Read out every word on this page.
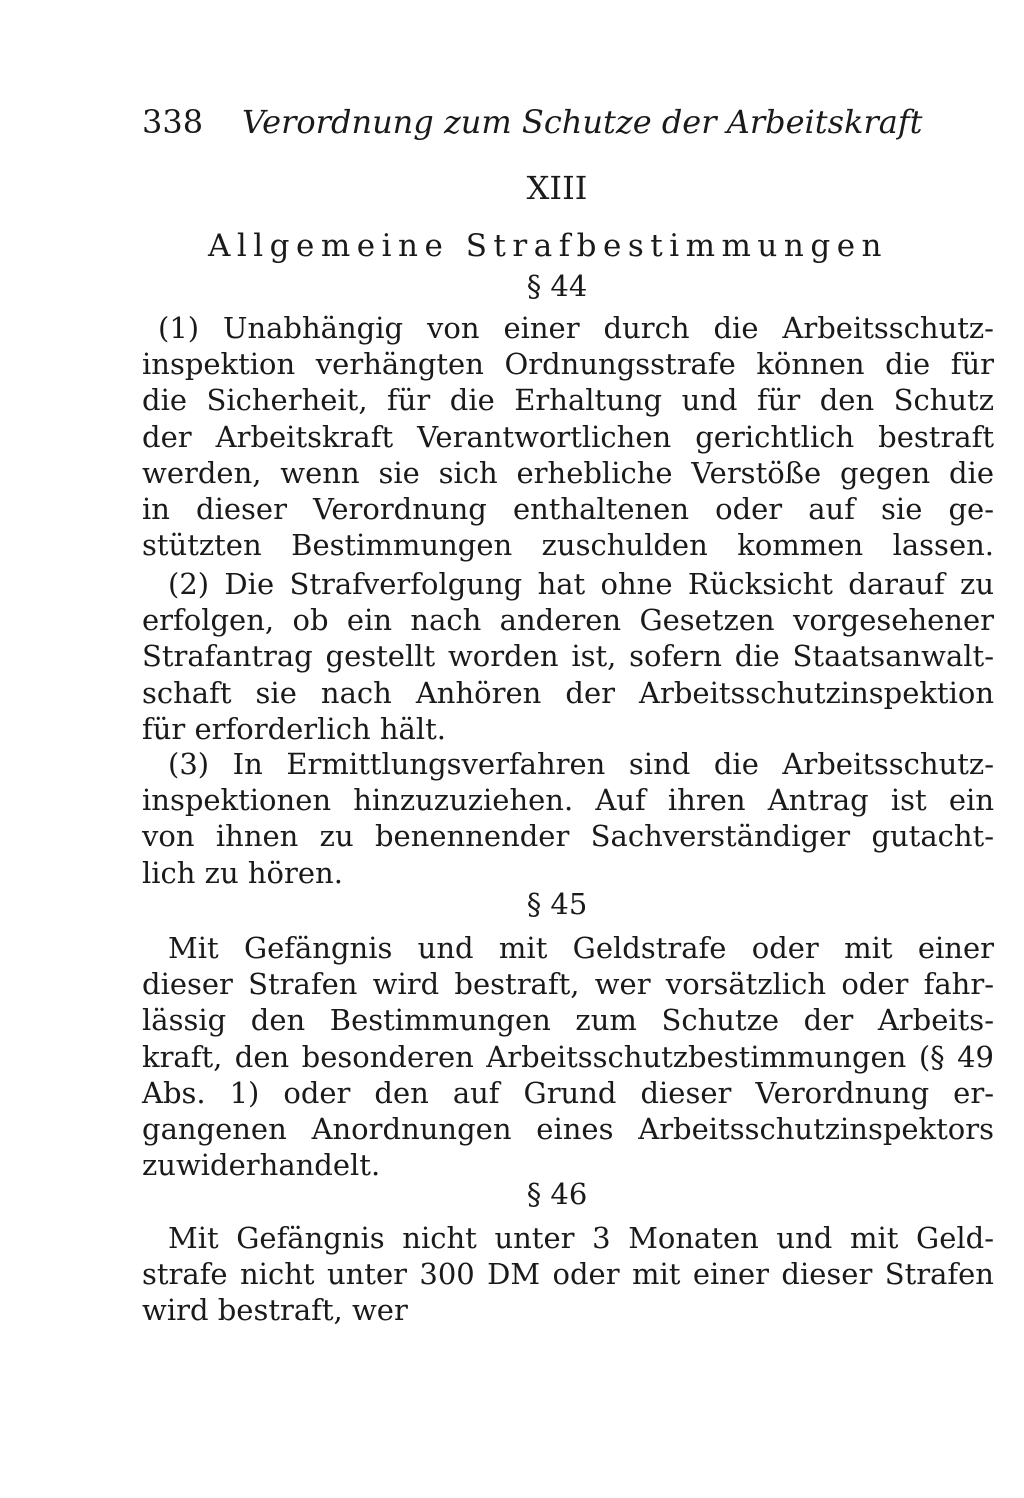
338 Verordnung zum Schutze der Arbeitskraft
XIII
Allgemeine Strafbestimmungen
§ 44
(1) Unabhängig von einer durch die Arbeitsschutz-
inspektion verhängten Ordnungsstrafe können die für
die Sicherheit, für die Erhaltung und für den Schutz
der Arbeitskraft Verantwortlichen gerichtlich bestraft
werden, wenn sie sich erhebliche Verstöße gegen die
in dieser Verordnung enthaltenen oder auf sie ge-
stützten Bestimmungen zuschulden kommen lassen.
(2) Die Strafverfolgung hat ohne Rücksicht darauf zu
erfolgen, ob ein nach anderen Gesetzen vorgesehener
Strafantrag gestellt worden ist, sofern die Staatsanwalt-
schaft sie nach Anhören der Arbeitsschutzinspektion
für erforderlich hält.
(3) In Ermittlungsverfahren sind die Arbeitsschutz-
inspektionen hinzuzuziehen. Auf ihren Antrag ist ein
von ihnen zu benennender Sachverständiger gutacht-
lich zu hören.
§ 45
Mit Gefängnis und mit Geldstrafe oder mit einer
dieser Strafen wird bestraft, wer vorsätzlich oder fahr-
lässig den Bestimmungen zum Schutze der Arbeits-
kraft, den besonderen Arbeitsschutzbestimmungen (§ 49
Abs. 1) oder den auf Grund dieser Verordnung er-
gangenen Anordnungen eines Arbeitsschutzinspektors
zuwiderhandelt.
§ 46
Mit Gefängnis nicht unter 3 Monaten und mit Geld-
strafe nicht unter 300 DM oder mit einer dieser Strafen
wird bestraft, wer
